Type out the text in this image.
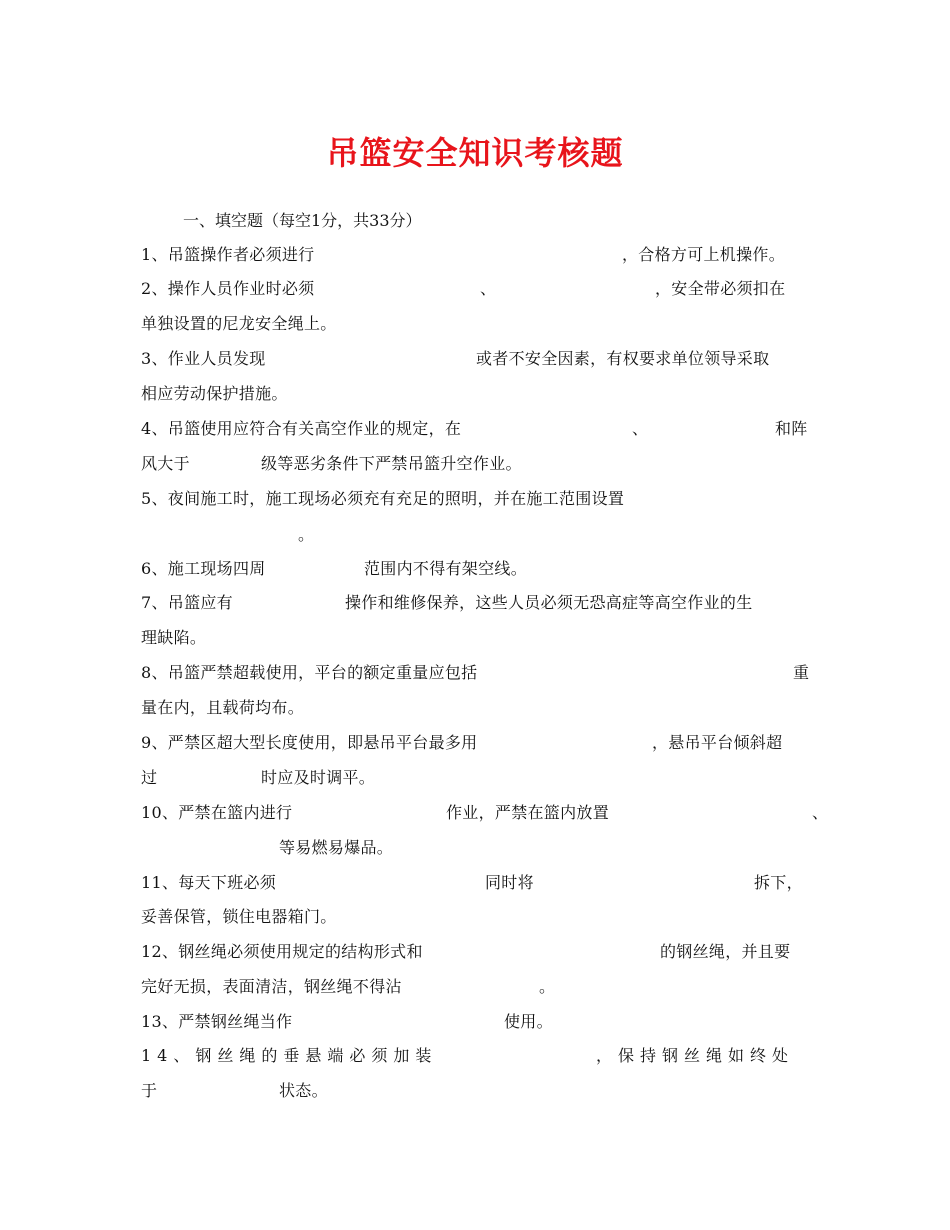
吊篮安全知识考核题
一、填空题（每空1分，共33分）
1、吊篮操作者必须进行	，合格方可上机操作。
2、操作人员作业时必须	、	，安全带必须扣在
单独设置的尼龙安全绳上。
3、作业人员发现	或者不安全因素，有权要求单位领导采取
相应劳动保护措施。
4、吊篮使用应符合有关高空作业的规定，在	、	和阵
风大于	级等恶劣条件下严禁吊篮升空作业。
5、夜间施工时，施工现场必须充有充足的照明，并在施工范围设置
。
6、施工现场四周	范围内不得有架空线。
7、吊篮应有	操作和维修保养，这些人员必须无恐高症等高空作业的生
理缺陷。
8、吊篮严禁超载使用，平台的额定重量应包括	重
量在内，且载荷均布。
9、严禁区超大型长度使用，即悬吊平台最多用	，悬吊平台倾斜超
过	时应及时调平。
10、严禁在篮内进行	作业，严禁在篮内放置	、
等易燃易爆品。
11、每天下班必须	同时将	拆下，
妥善保管，锁住电器箱门。
12、钢丝绳必须使用规定的结构形式和	的钢丝绳，并且要
完好无损，表面清洁，钢丝绳不得沾	。
13、严禁钢丝绳当作	使用。
14、钢丝绳的垂悬端必须加装	，保持钢丝绳如终处
于	状态。
